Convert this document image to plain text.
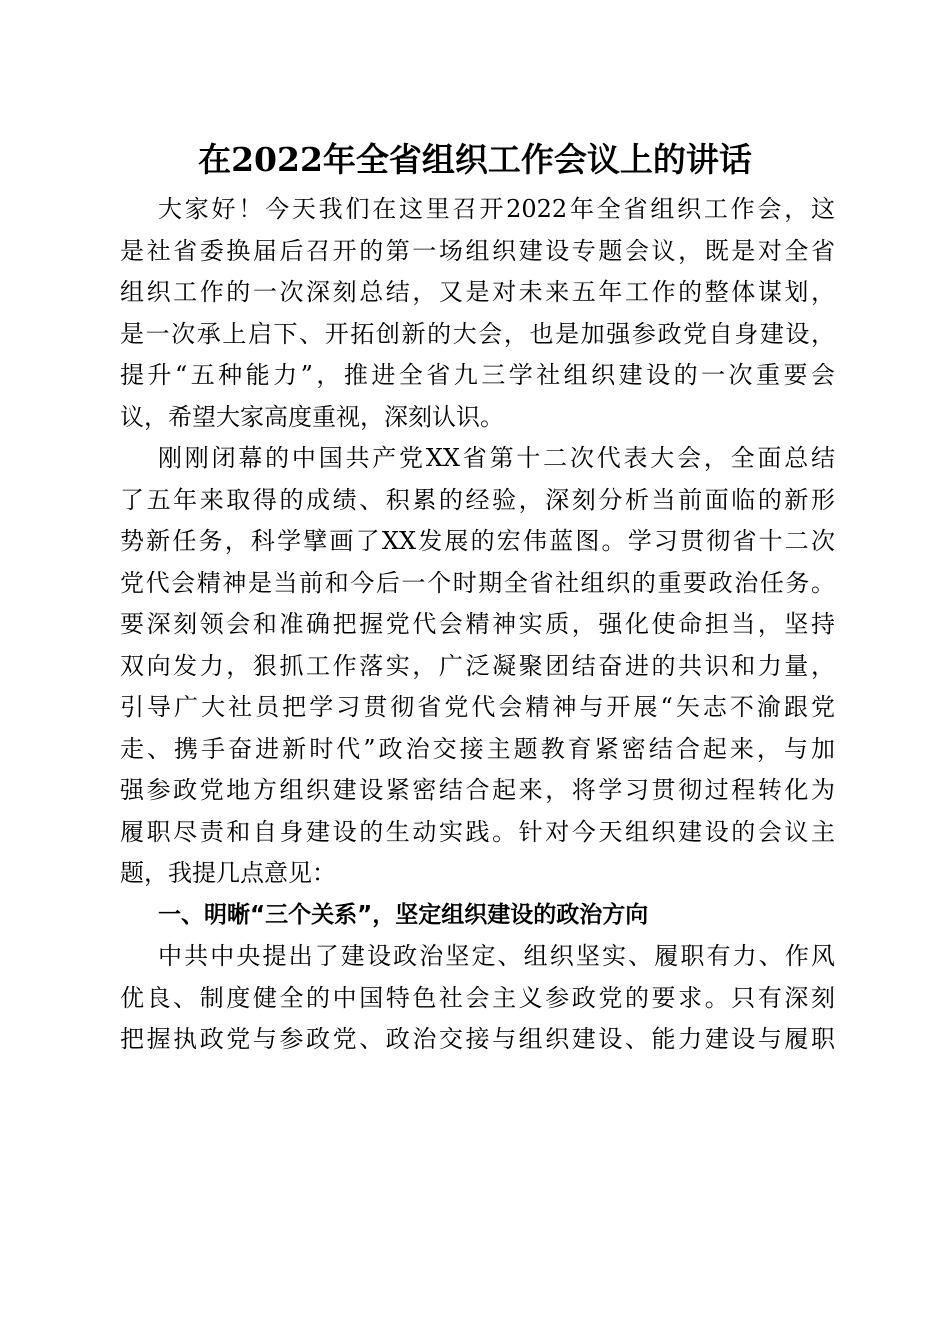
在2022年全省组织工作会议上的讲话
大家好！今天我们在这里召开2022年全省组织工作会，这
是社省委换届后召开的第一场组织建设专题会议，既是对全省
组织工作的一次深刻总结，又是对未来五年工作的整体谋划，
是一次承上启下、开拓创新的大会，也是加强参政党自身建设，
提升“五种能力”，推进全省九三学社组织建设的一次重要会
议，希望大家高度重视，深刻认识。
刚刚闭幕的中国共产党XX省第十二次代表大会，全面总结
了五年来取得的成绩、积累的经验，深刻分析当前面临的新形
势新任务，科学擘画了XX发展的宏伟蓝图。学习贯彻省十二次
党代会精神是当前和今后一个时期全省社组织的重要政治任务。
要深刻领会和准确把握党代会精神实质，强化使命担当，坚持
双向发力，狠抓工作落实，广泛凝聚团结奋进的共识和力量，
引导广大社员把学习贯彻省党代会精神与开展“矢志不渝跟党
走、携手奋进新时代”政治交接主题教育紧密结合起来，与加
强参政党地方组织建设紧密结合起来，将学习贯彻过程转化为
履职尽责和自身建设的生动实践。针对今天组织建设的会议主
题，我提几点意见：
一、明晰“三个关系”，坚定组织建设的政治方向
中共中央提出了建设政治坚定、组织坚实、履职有力、作风
优良、制度健全的中国特色社会主义参政党的要求。只有深刻
把握执政党与参政党、政治交接与组织建设、能力建设与履职
